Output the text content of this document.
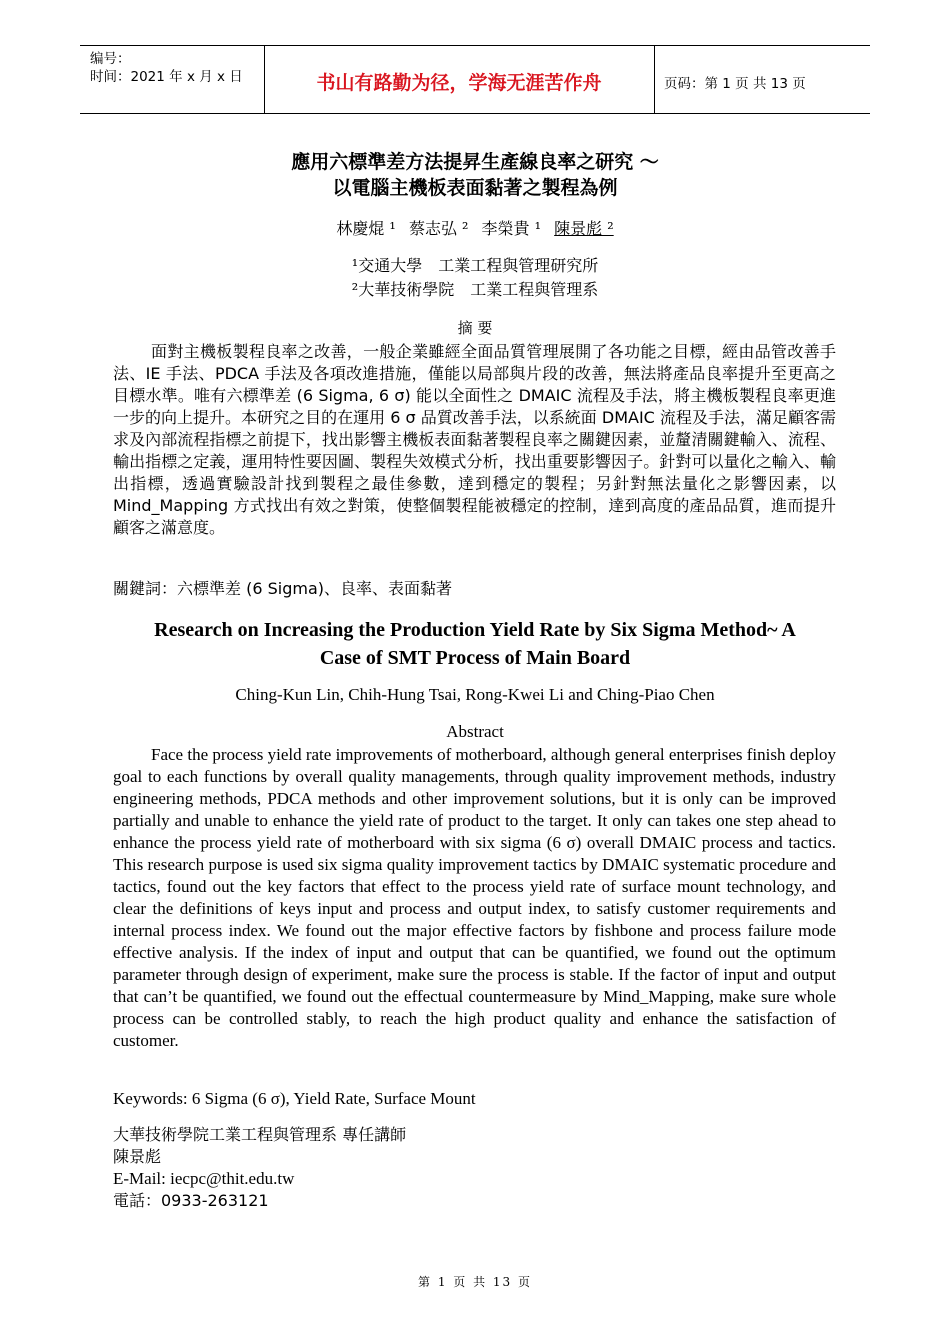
编号：
时间：2021 年 x 月 x 日	书山有路勤为径，学海无涯苦作舟	页码：第 1 页 共 13 页
應用六標準差方法提昇生產線良率之研究 ～
以電腦主機板表面黏著之製程為例
林慶焜 ¹ 蔡志弘 ² 李榮貴 ¹ 陳景彪 ²
¹交通大學　工業工程與管理研究所
²大華技術學院　工業工程與管理系
摘 要
面對主機板製程良率之改善，一般企業雖經全面品質管理展開了各功能之目標，經由品管改善手法、IE 手法、PDCA 手法及各項改進措施，僅能以局部與片段的改善，無法將產品良率提升至更高之目標水準。唯有六標準差 (6 Sigma, 6 σ) 能以全面性之 DMAIC 流程及手法，將主機板製程良率更進一步的向上提升。本研究之目的在運用 6 σ 品質改善手法，以系統面 DMAIC 流程及手法，滿足顧客需求及內部流程指標之前提下，找出影響主機板表面黏著製程良率之關鍵因素，並釐清關鍵輸入、流程、輸出指標之定義，運用特性要因圖、製程失效模式分析，找出重要影響因子。針對可以量化之輸入、輸出指標，透過實驗設計找到製程之最佳參數，達到穩定的製程；另針對無法量化之影響因素，以 Mind_Mapping 方式找出有效之對策，使整個製程能被穩定的控制，達到高度的產品品質，進而提升顧客之滿意度。
關鍵詞：六標準差 (6 Sigma)、良率、表面黏著
Research on Increasing the Production Yield Rate by Six Sigma Method~ A
Case of SMT Process of Main Board
Ching-Kun Lin, Chih-Hung Tsai, Rong-Kwei Li and Ching-Piao Chen
Abstract
Face the process yield rate improvements of motherboard, although general enterprises finish deploy goal to each functions by overall quality managements, through quality improvement methods, industry engineering methods, PDCA methods and other improvement solutions, but it is only can be improved partially and unable to enhance the yield rate of product to the target. It only can takes one step ahead to enhance the process yield rate of motherboard with six sigma (6 σ) overall DMAIC process and tactics. This research purpose is used six sigma quality improvement tactics by DMAIC systematic procedure and tactics, found out the key factors that effect to the process yield rate of surface mount technology, and clear the definitions of keys input and process and output index, to satisfy customer requirements and internal process index. We found out the major effective factors by fishbone and process failure mode effective analysis. If the index of input and output that can be quantified, we found out the optimum parameter through design of experiment, make sure the process is stable. If the factor of input and output that can’t be quantified, we found out the effectual countermeasure by Mind_Mapping, make sure whole process can be controlled stably, to reach the high product quality and enhance the satisfaction of customer.
Keywords: 6 Sigma (6 σ), Yield Rate, Surface Mount
大華技術學院工業工程與管理系 專任講師
陳景彪
E-Mail: iecpc@thit.edu.tw
電話：0933-263121
第 1 页 共 13 页
